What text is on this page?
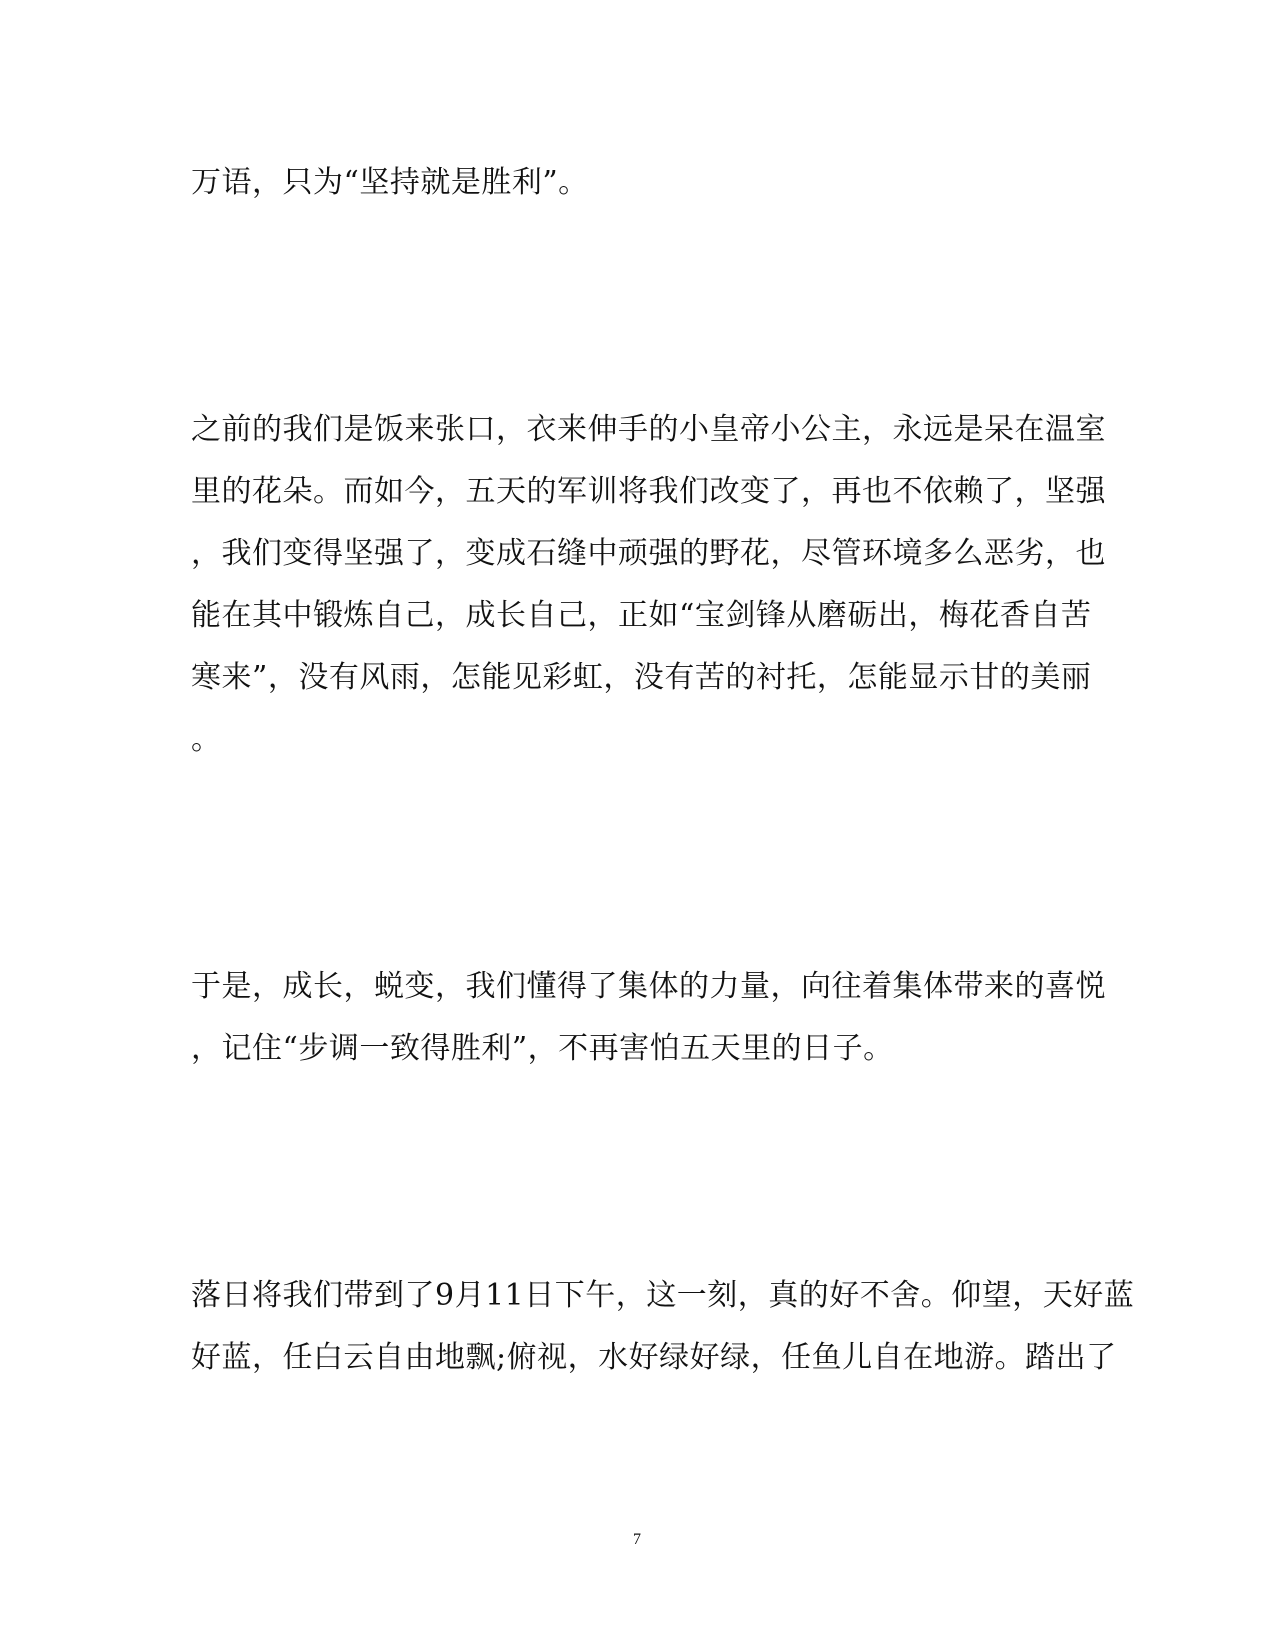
万语，只为“坚持就是胜利”。
之前的我们是饭来张口，衣来伸手的小皇帝小公主，永远是呆在温室
里的花朵。而如今，五天的军训将我们改变了，再也不依赖了，坚强
，我们变得坚强了，变成石缝中顽强的野花，尽管环境多么恶劣，也
能在其中锻炼自己，成长自己，正如“宝剑锋从磨砺出，梅花香自苦
寒来”，没有风雨，怎能见彩虹，没有苦的衬托，怎能显示甘的美丽
。
于是，成长，蜕变，我们懂得了集体的力量，向往着集体带来的喜悦
，记住“步调一致得胜利”，不再害怕五天里的日子。
落日将我们带到了9月11日下午，这一刻，真的好不舍。仰望，天好蓝
好蓝，任白云自由地飘;俯视，水好绿好绿，任鱼儿自在地游。踏出了
7
